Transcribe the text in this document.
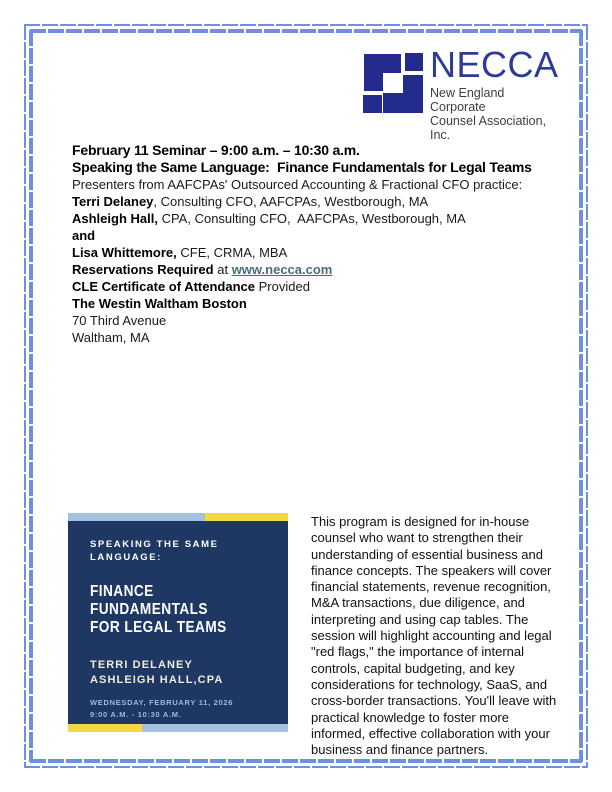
NECCA
New England Corporate
Counsel Association, Inc.

February 11 Seminar – 9:00 a.m. – 10:30 a.m.

Speaking the Same Language:  Finance Fundamentals for Legal Teams

Presenters from AAFCPAs' Outsourced Accounting & Fractional CFO practice:

Terri Delaney, Consulting CFO, AAFCPAs, Westborough, MA

Ashleigh Hall, CPA, Consulting CFO,  AAFCPAs, Westborough, MA

and

Lisa Whittemore, CFE, CRMA, MBA

Reservations Required at www.necca.com

CLE Certificate of Attendance Provided

The Westin Waltham Boston

70 Third Avenue

Waltham, MA

SPEAKING THE SAME LANGUAGE:
FINANCE
FUNDAMENTALS
FOR LEGAL TEAMS
TERRI DELANEY
ASHLEIGH HALL,CPA
WEDNESDAY, FEBRUARY 11, 2026
9:00 A.M. - 10:30 A.M.

This program is designed for in-house counsel who want to strengthen their understanding of essential business and finance concepts. The speakers will cover financial statements, revenue recognition, M&A transactions, due diligence, and interpreting and using cap tables. The session will highlight accounting and legal "red flags," the importance of internal controls, capital budgeting, and key considerations for technology, SaaS, and cross-border transactions. You'll leave with practical knowledge to foster more informed, effective collaboration with your business and finance partners.
